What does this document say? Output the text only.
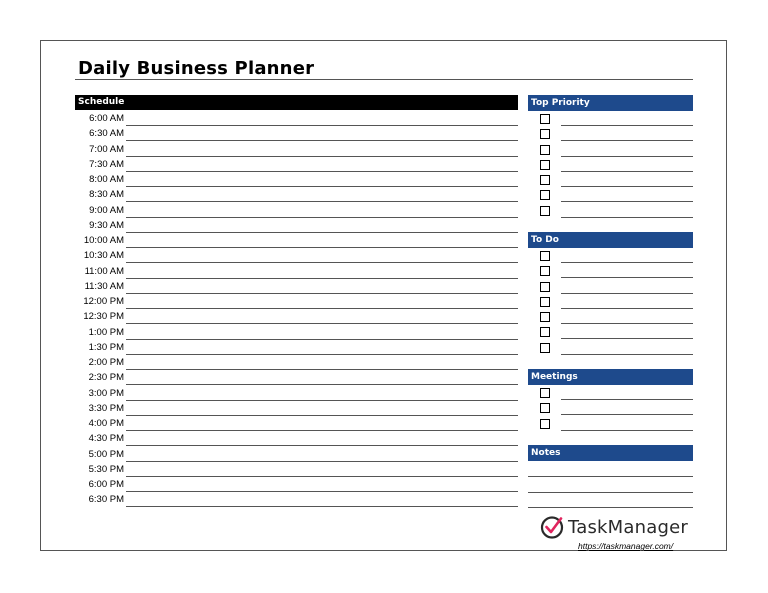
Daily Business Planner
Schedule
6:00 AM
6:30 AM
7:00 AM
7:30 AM
8:00 AM
8:30 AM
9:00 AM
9:30 AM
10:00 AM
10:30 AM
11:00 AM
11:30 AM
12:00 PM
12:30 PM
1:00 PM
1:30 PM
2:00 PM
2:30 PM
3:00 PM
3:30 PM
4:00 PM
4:30 PM
5:00 PM
5:30 PM
6:00 PM
6:30 PM
Top Priority
To Do
Meetings
Notes
TaskManager
https://taskmanager.com/
